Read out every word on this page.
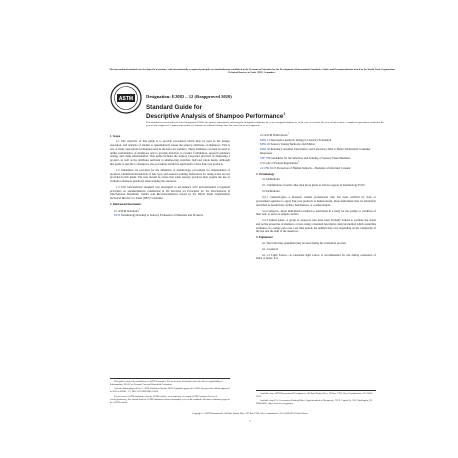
This international standard was developed in accordance with internationally recognized principles on standardization established in the Decision on Principles for the Development of International Standards, Guides and Recommendations issued by the World Trade Organization Technical Barriers to Trade (TBT) Committee.
ASTM	Designation: E2082 – 12 (Reapproved 2020)
Standard Guide for
Descriptive Analysis of Shampoo Performance$^1$
This standard is issued under the fixed designation E2082; the number immediately following the designation indicates the year of original adoption or, in the case of revision, the year of last revision. A number in parentheses indicates the year of last reapproval. A superscript epsilon (ε) indicates an editorial change since the last revision or reapproval.
1. Scope

1.1 The objective of this guide is to provide procedures which may be used in the design, execution, and analysis of studies to quantitatively assess the sensory attributes of shampoos. This is one of many appropriate techniques used in the hair-care industry. These attributes can then be used to define performance of shampoos and to provide direction to product formulation, research guidance testing, and claim substantiation. This guide includes the sensory properties involved in dispensing a product, as well as the attributes pertinent to shampooing swatches, half and whole heads. Although this guide is specific to shampoos, the procedures should be applicable to most hair-care products.

1.2 Guidelines are provided for the definition of terminology, procedures for manipulation of products, identification/selection of hair type, and assessor training. References for rating scales are not provided in this guide. The user should be aware that some sensory practices may require the use of attribute references (anchors) when training the assessors.

1.3 This international standard was developed in accordance with internationally recognized principles on standardization established in the Decision on Principles for the Development of International Standards, Guides and Recommendations issued by the World Trade Organization Technical Barriers to Trade (TBT) Committee.

2. Referenced Documents
2.1 ASTM Standards:$^2$
E253 Terminology Relating to Sensory Evaluation of Materials and Products
2.2 ASTM Publications:$^3$
MNL 13 Descriptive Analysis Testing for Sensory Evaluation
MNL 26 Sensory Testing Methods, 2nd Edition
MNL 30 Relating Consumer, Descriptive, and Laboratory Data to Better Understand Consumer Responses
STP 758 Guidelines for the Selection and Training of Sensory Panel Members
2.3 Code of Federal Regulations:$^4$
21 CFR 50.25 Protection of Human Subjects—Elements of Informed Consent
3. Terminology

3.1 Definitions:

3.1.1 Definitions of terms other than those given as follows appear in Terminology E253.

3.2 Definitions:

3.2.1 cosmetologist—a licensed, trained professional who has been certified by state or government agencies to apply hair-care products to human heads; these individuals may be alternately described as beauticians, stylists, hairdressers, or cosmetologists.

3.2.2 subjects—those individuals recruited to participate in a study for the quality or condition of their hair, to serve as sample carriers.

3.2.3 trained panel—a group of assessors who have been formally trained to evaluate the visual and tactile properties of shampoo or hair, using a standard descriptive analysis method which quantifies attributes on a rating scale over a set time period; the number may vary depending on the complexity of the test and the skill of the assessors.

4. Equipment

4.1 The following equipment may be used during the evaluation process:

4.1.1 General:

4.1.1.1 Light Source—A consistent light source is recommended for use during evaluation of shine or luster. It is

This guide is under the jurisdiction of ASTM Committee E18 on Sensory Evaluation and is the direct responsibility of Subcommittee E18.07 on Personal Care and Household Evaluation.

Current edition approved Oct. 1, 2020. Published October 2020. Originally approved in 2000. Last previous edition approved in 2012 as E2082 – 12. DOI: 10.1520/E2082-12R20.

For referenced ASTM standards, visit the ASTM website, www.astm.org, or contact ASTM Customer Service at service@astm.org. For Annual Book of ASTM Standards volume information, refer to the standard's Document Summary page on the ASTM website.

Available from ASTM International Headquarters, 100 Barr Harbor Drive, PO Box C700, West Conshohocken, PA 19428-2959.

Available from U.S. Government Printing Office, Superintendent of Documents, 732 N. Capitol St., NW, Washington, DC 20401-0001, http://www.access.gpo.gov.

Copyright © ASTM International, 100 Barr Harbor Drive, PO Box C700, West Conshohocken, PA 19428-2959. United States
1
